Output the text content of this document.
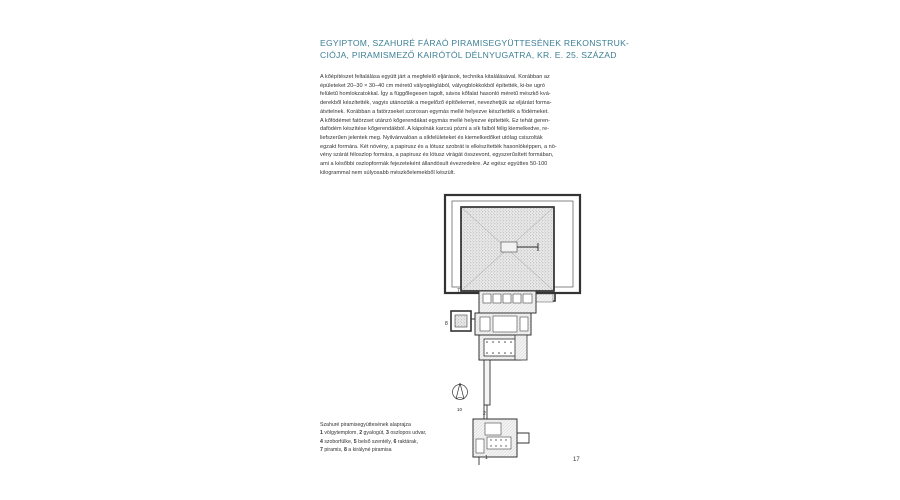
EGYIPTOM, SZAHURÉ FÁRAÓ PIRAMISEGYÜTTESÉNEK REKONSTRUK-
CIÓJA, PIRAMISMEZŐ KAIRÓTÓL DÉLNYUGATRA, KR. E. 25. SZÁZAD
A kőépítészet feltalálása együtt járt a megfelelő eljárások, technika kitalálásával. Korábban az
épületeket 20–30 × 30–40 cm méretű vályogtéglából, vályogblokkokból építették, ki-be ugró
felületű homlokzatokkal. Így a függőlegesen tagolt, sávos kőfalat hasonló méretű mészkő kvá-
derekből készítették, vagyis utánozták a megelőző építőelemet, nevezhetjük az eljárást forma-
átvitelnek. Korábban a fatörzseket szorosan egymás mellé helyezve készítették a födémeket.
A kőfödémet fatörzset utánzó kőgerendákat egymás mellé helyezve építették. Ez tehát geren-
dafödém készítése kőgerendákból. A kápolnák karcsú pózni a sík falból félig kiemelkedve, re-
liefszerűen jelentek meg. Nyilvánvalóan a síkfelületeket és kiemelkedőket utólag csiszolták
egzakt formára. Két növény, a papirusz és a lótusz szobrát is elkészítették hasonlóképpen, a nö-
vény szárát féloszlop formára, a papirusz és lótusz virágát összevont, egyszerűsített formában,
ami a későbbi oszlopformák fejezeteként állandósult évezredekre. Az egész együttes 50-100
kilogrammal nem súlyosabb mészkőelemekből készült.
7
8
10
2
1
Szahuré piramisegyüttesének alaprajza
1 völgytemplom, 2 gyalogút, 3 oszlopos udvar,
4 szoborfülke, 5 belső szentély, 6 raktárak,
7 piramis, 8 a királyné piramisa
17
